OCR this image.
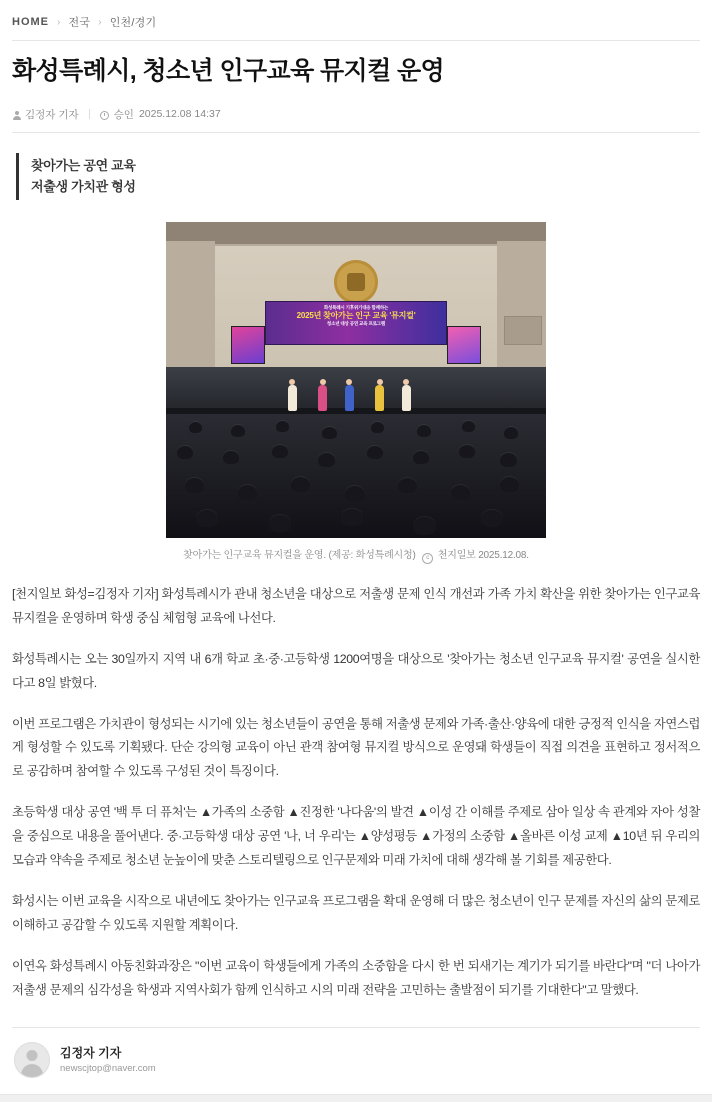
HOME › 전국 › 인천/경기
화성특례시, 청소년 인구교육 뮤지컬 운영
김정자 기자	승인 2025.12.08 14:37
찾아가는 공연 교육
저출생 가치관 형성
화성특례시 기후위기대응 함께하는
2025년 찾아가는 인구 교육 '뮤지컬'
청소년 대상 공연 교육 프로그램
찾아가는 인구교육 뮤지컬을 운영. (제공: 화성특례시청) c 천지일보 2025.12.08.

[천지일보 화성=김정자 기자] 화성특례시가 관내 청소년을 대상으로 저출생 문제 인식 개선과 가족 가치 확산을 위한 찾아가는 인구교육 뮤지컬을 운영하며 학생 중심 체험형 교육에 나선다.

화성특례시는 오는 30일까지 지역 내 6개 학교 초·중·고등학생 1200여명을 대상으로 '찾아가는 청소년 인구교육 뮤지컬' 공연을 실시한다고 8일 밝혔다.

이번 프로그램은 가치관이 형성되는 시기에 있는 청소년들이 공연을 통해 저출생 문제와 가족·출산·양육에 대한 긍정적 인식을 자연스럽게 형성할 수 있도록 기획됐다. 단순 강의형 교육이 아닌 관객 참여형 뮤지컬 방식으로 운영돼 학생들이 직접 의견을 표현하고 정서적으로 공감하며 참여할 수 있도록 구성된 것이 특징이다.

초등학생 대상 공연 '백 투 더 퓨처'는 ▲가족의 소중함 ▲진정한 '나다움'의 발견 ▲이성 간 이해를 주제로 삼아 일상 속 관계와 자아 성찰을 중심으로 내용을 풀어낸다. 중·고등학생 대상 공연 '나, 너 우리'는 ▲양성평등 ▲가정의 소중함 ▲올바른 이성 교제 ▲10년 뒤 우리의 모습과 약속을 주제로 청소년 눈높이에 맞춘 스토리텔링으로 인구문제와 미래 가치에 대해 생각해 볼 기회를 제공한다.

화성시는 이번 교육을 시작으로 내년에도 찾아가는 인구교육 프로그램을 확대 운영해 더 많은 청소년이 인구 문제를 자신의 삶의 문제로 이해하고 공감할 수 있도록 지원할 계획이다.

이연옥 화성특례시 아동친화과장은 "이번 교육이 학생들에게 가족의 소중함을 다시 한 번 되새기는 계기가 되기를 바란다"며 "더 나아가 저출생 문제의 심각성을 학생과 지역사회가 함께 인식하고 시의 미래 전략을 고민하는 출발점이 되기를 기대한다"고 말했다.

김정자 기자
newscjtop@naver.com
